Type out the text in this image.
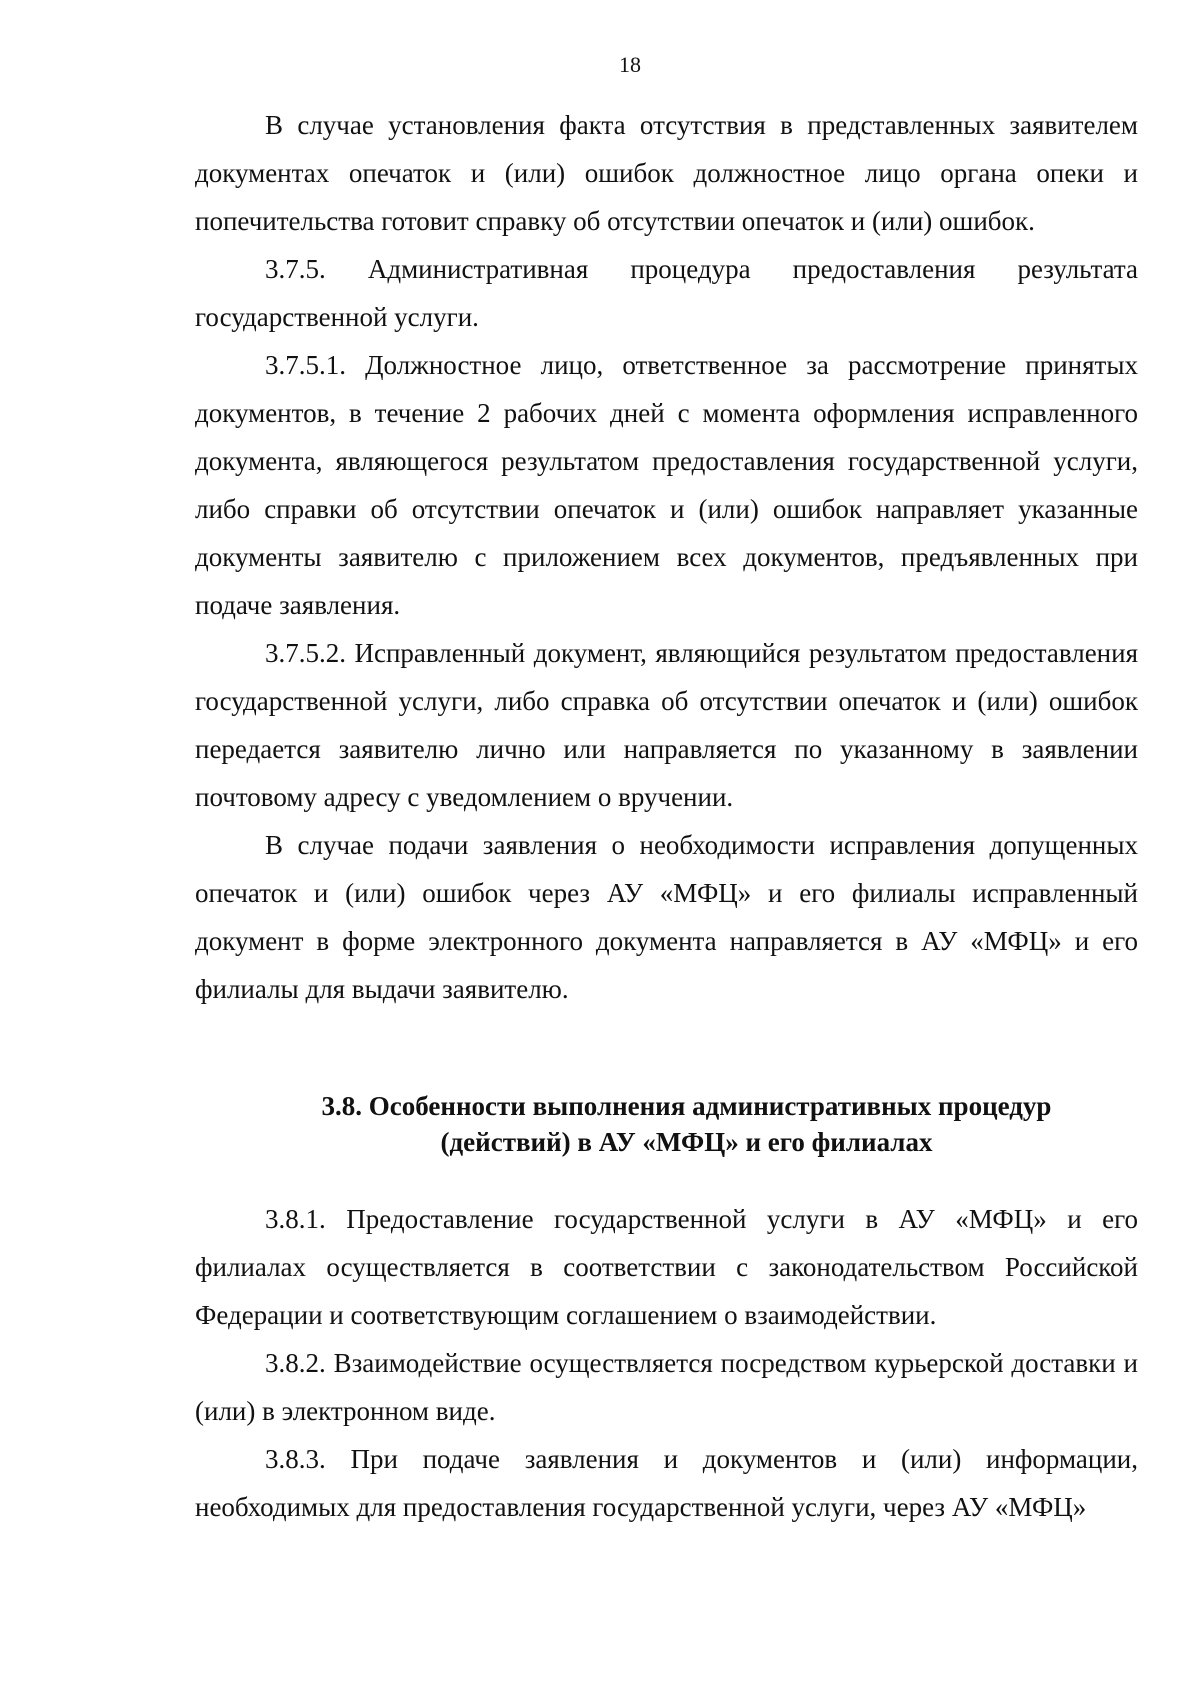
18

В случае установления факта отсутствия в представленных заявителем документах опечаток и (или) ошибок должностное лицо органа опеки и попечительства готовит справку об отсутствии опечаток и (или) ошибок.

3.7.5. Административная процедура предоставления результата государственной услуги.

3.7.5.1. Должностное лицо, ответственное за рассмотрение принятых документов, в течение 2 рабочих дней с момента оформления исправленного документа, являющегося результатом предоставления государственной услуги, либо справки об отсутствии опечаток и (или) ошибок направляет указанные документы заявителю с приложением всех документов, предъявленных при подаче заявления.

3.7.5.2. Исправленный документ, являющийся результатом предоставления государственной услуги, либо справка об отсутствии опечаток и (или) ошибок передается заявителю лично или направляется по указанному в заявлении почтовому адресу с уведомлением о вручении.

В случае подачи заявления о необходимости исправления допущенных опечаток и (или) ошибок через АУ «МФЦ» и его филиалы исправленный документ в форме электронного документа направляется в АУ «МФЦ» и его филиалы для выдачи заявителю.

3.8. Особенности выполнения административных процедур
(действий) в АУ «МФЦ» и его филиалах

3.8.1. Предоставление государственной услуги в АУ «МФЦ» и его филиалах осуществляется в соответствии с законодательством Российской Федерации и соответствующим соглашением о взаимодействии.

3.8.2. Взаимодействие осуществляется посредством курьерской доставки и (или) в электронном виде.

3.8.3. При подаче заявления и документов и (или) информации, необходимых для предоставления государственной услуги, через АУ «МФЦ»
